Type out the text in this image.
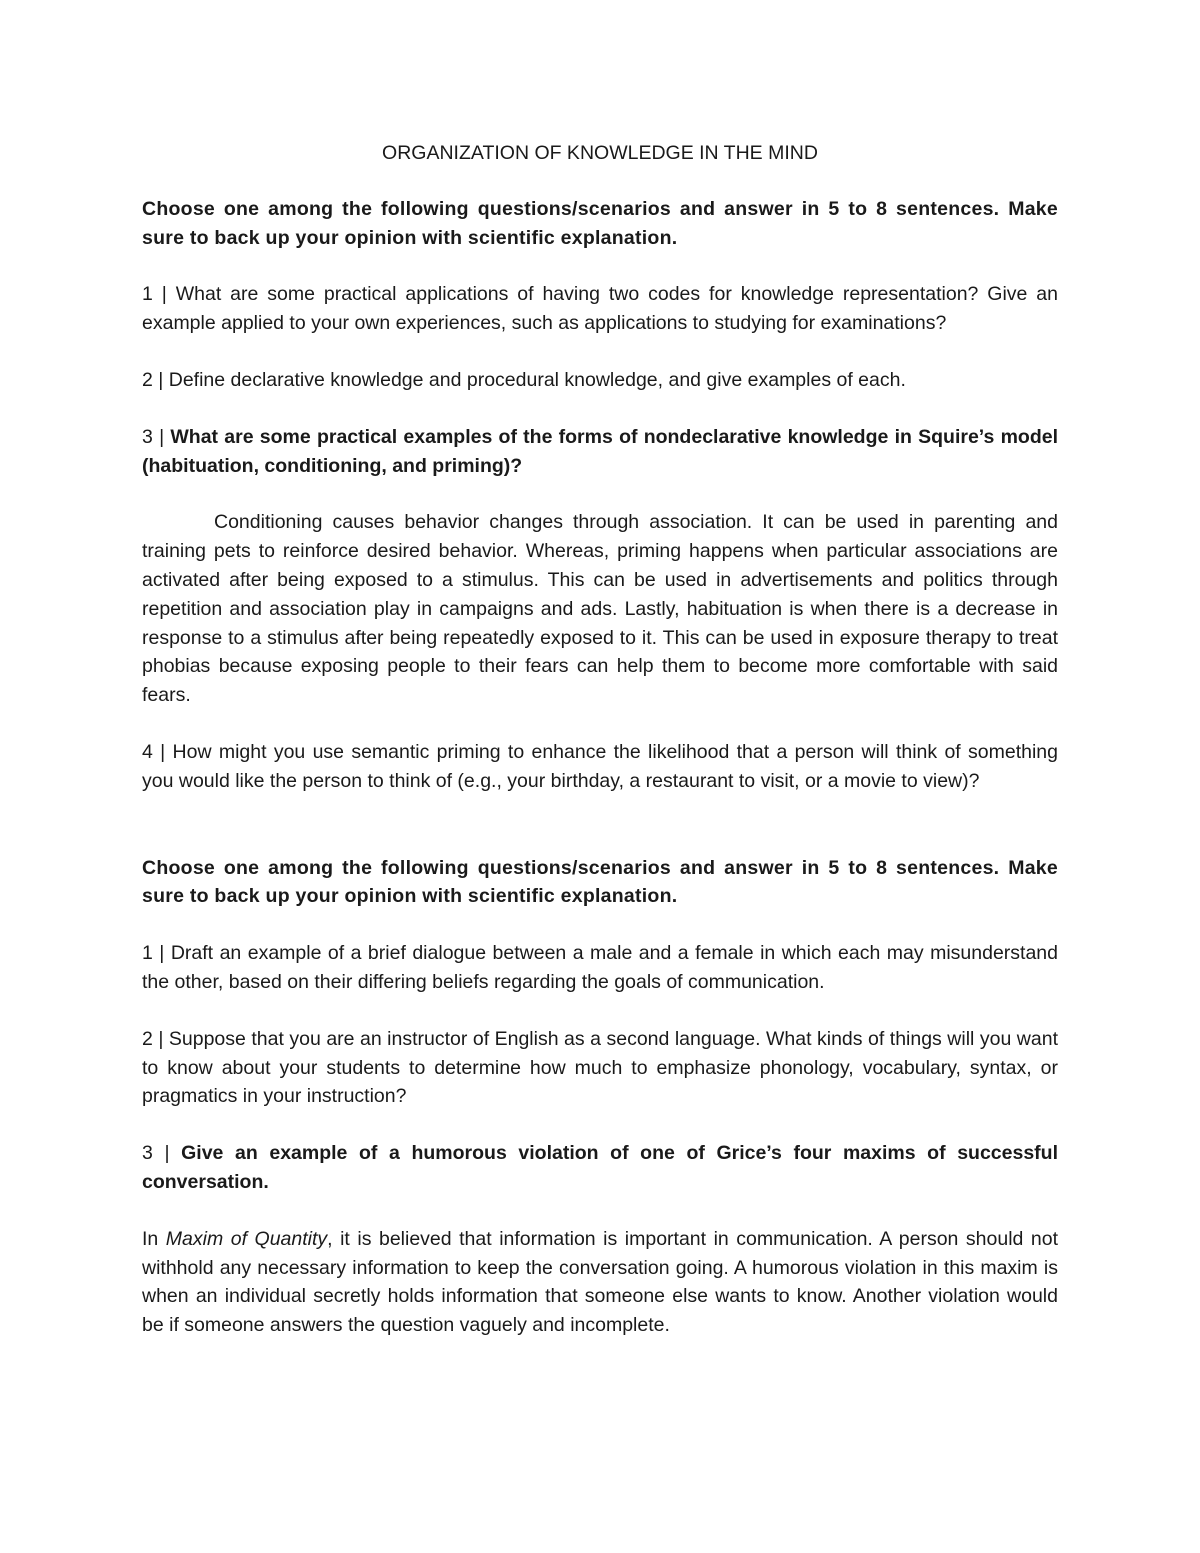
ORGANIZATION OF KNOWLEDGE IN THE MIND

Choose one among the following questions/scenarios and answer in 5 to 8 sentences. Make sure to back up your opinion with scientific explanation.

1 | What are some practical applications of having two codes for knowledge representation? Give an example applied to your own experiences, such as applications to studying for examinations?

2 | Define declarative knowledge and procedural knowledge, and give examples of each.

3 | What are some practical examples of the forms of nondeclarative knowledge in Squire’s model (habituation, conditioning, and priming)?

Conditioning causes behavior changes through association. It can be used in parenting and training pets to reinforce desired behavior. Whereas, priming happens when particular associations are activated after being exposed to a stimulus. This can be used in advertisements and politics through repetition and association play in campaigns and ads. Lastly, habituation is when there is a decrease in response to a stimulus after being repeatedly exposed to it. This can be used in exposure therapy to treat phobias because exposing people to their fears can help them to become more comfortable with said fears.

4 | How might you use semantic priming to enhance the likelihood that a person will think of something you would like the person to think of (e.g., your birthday, a restaurant to visit, or a movie to view)?

Choose one among the following questions/scenarios and answer in 5 to 8 sentences. Make sure to back up your opinion with scientific explanation.

1 | Draft an example of a brief dialogue between a male and a female in which each may misunderstand the other, based on their differing beliefs regarding the goals of communication.

2 | Suppose that you are an instructor of English as a second language. What kinds of things will you want to know about your students to determine how much to emphasize phonology, vocabulary, syntax, or pragmatics in your instruction?

3 | Give an example of a humorous violation of one of Grice’s four maxims of successful conversation.

In Maxim of Quantity, it is believed that information is important in communication. A person should not withhold any necessary information to keep the conversation going. A humorous violation in this maxim is when an individual secretly holds information that someone else wants to know. Another violation would be if someone answers the question vaguely and incomplete.
